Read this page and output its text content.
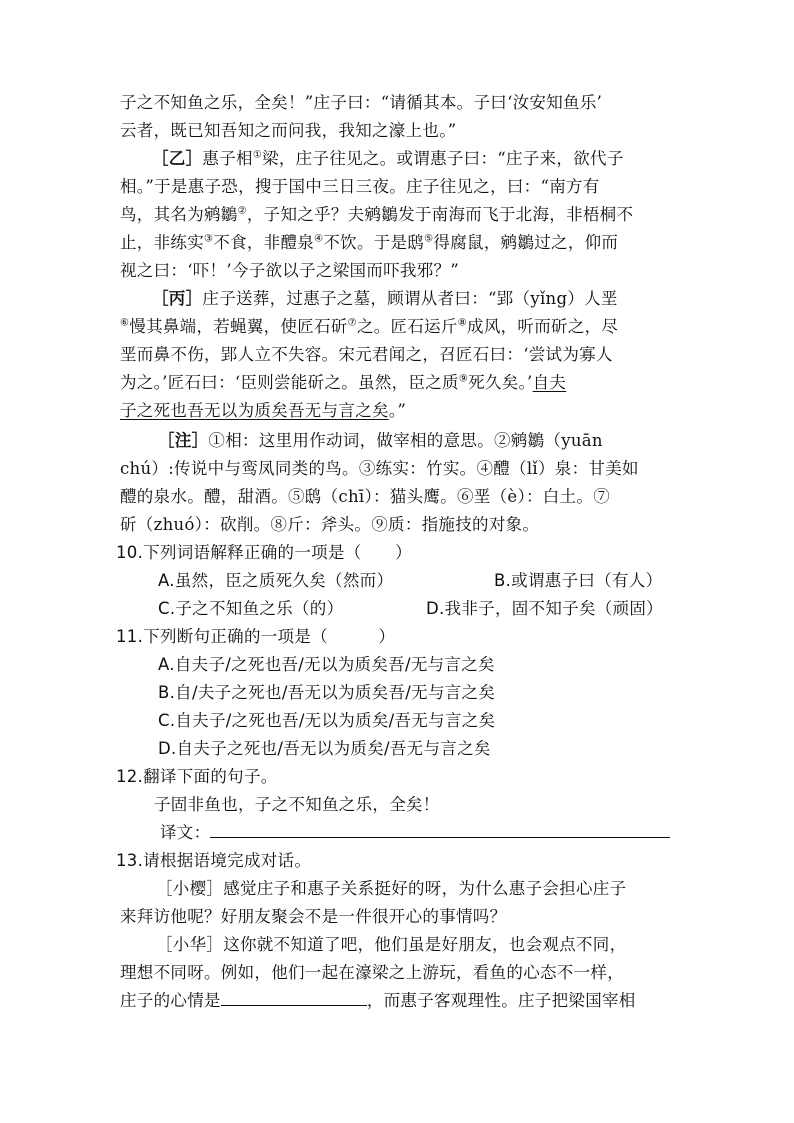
子之不知鱼之乐，全矣！”庄子曰：“请循其本。子曰‘汝安知鱼乐’
云者，既已知吾知之而问我，我知之濠上也。”
［乙］惠子相①梁，庄子往见之。或谓惠子曰：“庄子来，欲代子
相。”于是惠子恐，搜于国中三日三夜。庄子往见之，曰：“南方有
鸟，其名为鹓鶵②，子知之乎？夫鹓鶵发于南海而飞于北海，非梧桐不
止，非练实③不食，非醴泉④不饮。于是鸱⑤得腐鼠，鹓鶵过之，仰而
视之曰：‘吓！’今子欲以子之梁国而吓我邪？”
［丙］庄子送葬，过惠子之墓，顾谓从者曰：“郢（yǐng）人垩
⑥慢其鼻端，若蝇翼，使匠石斫⑦之。匠石运斤⑧成风，听而斫之，尽
垩而鼻不伤，郢人立不失容。宋元君闻之，召匠石曰：‘尝试为寡人
为之。’匠石曰：‘臣则尝能斫之。虽然，臣之质⑨死久矣。’自夫
子之死也吾无以为质矣吾无与言之矣。”
［注］①相：这里用作动词，做宰相的意思。②鹓鶵（yuān
chú）:传说中与鸾凤同类的鸟。③练实：竹实。④醴（lǐ）泉：甘美如
醴的泉水。醴，甜酒。⑤鸱（chī）：猫头鹰。⑥垩（è）：白土。⑦
斫（zhuó）：砍削。⑧斤：斧头。⑨质：指施技的对象。
10.下列词语解释正确的一项是（　　）
A.虽然，臣之质死久矣（然而）	B.或谓惠子曰（有人）
C.子之不知鱼之乐（的）	D.我非子，固不知子矣（顽固）
11.下列断句正确的一项是（　　　）
A.自夫子/之死也吾/无以为质矣吾/无与言之矣
B.自/夫子之死也/吾无以为质矣吾/无与言之矣
C.自夫子/之死也吾/无以为质矣/吾无与言之矣
D.自夫子之死也/吾无以为质矣/吾无与言之矣
12.翻译下面的句子。
子固非鱼也，子之不知鱼之乐，全矣！
译文：
13.请根据语境完成对话。
［小樱］感觉庄子和惠子关系挺好的呀，为什么惠子会担心庄子
来拜访他呢？好朋友聚会不是一件很开心的事情吗？
［小华］这你就不知道了吧，他们虽是好朋友，也会观点不同，
理想不同呀。例如，他们一起在濠梁之上游玩，看鱼的心态不一样，
庄子的心情是	，而惠子客观理性。庄子把梁国宰相
